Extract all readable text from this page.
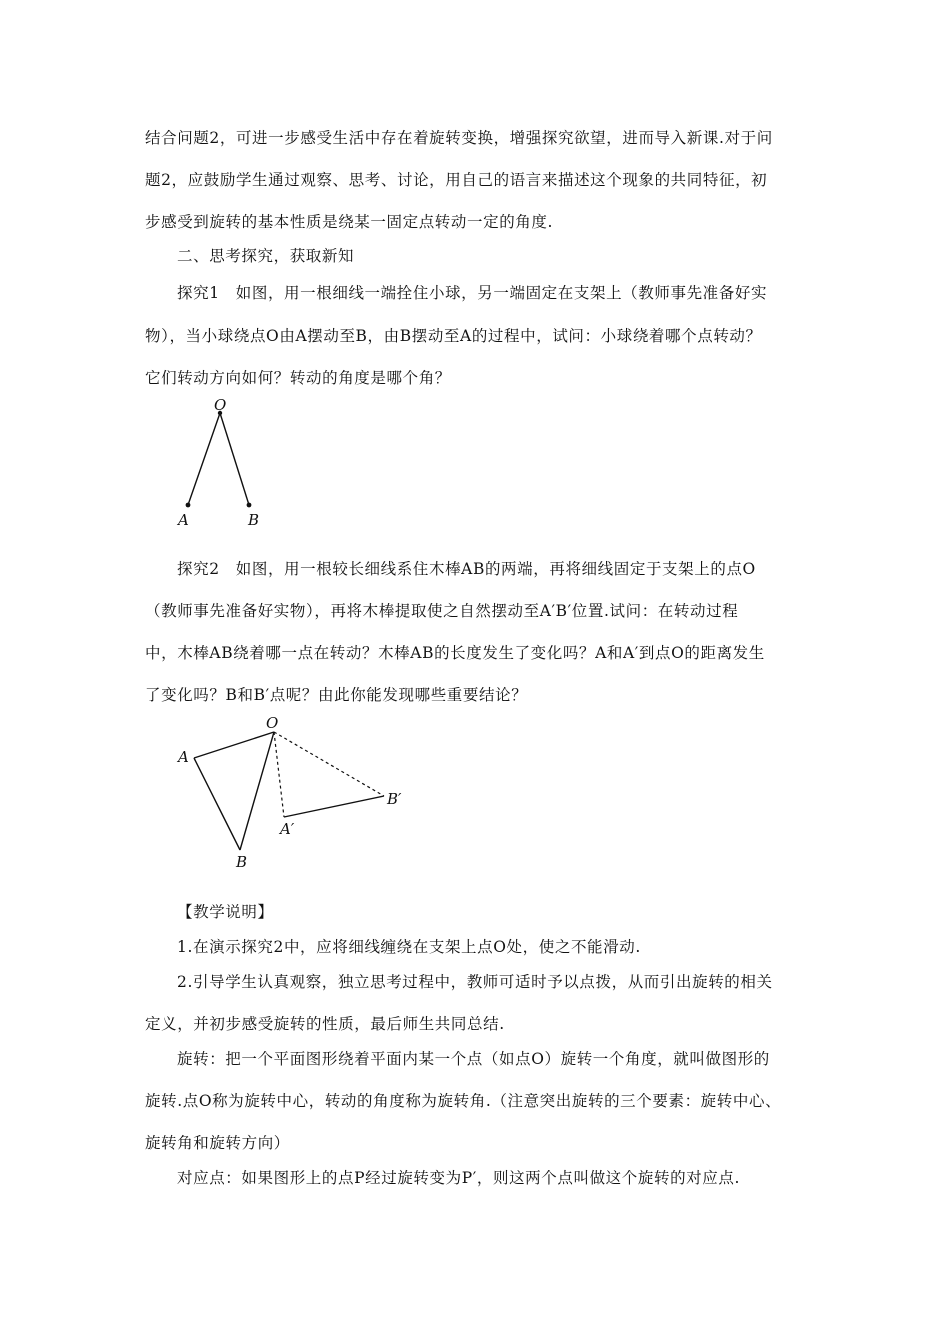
结合问题2，可进一步感受生活中存在着旋转变换，增强探究欲望，进而导入新课.对于问
题2，应鼓励学生通过观察、思考、讨论，用自己的语言来描述这个现象的共同特征，初
步感受到旋转的基本性质是绕某一固定点转动一定的角度.
二、思考探究，获取新知
探究1　如图，用一根细线一端拴住小球，另一端固定在支架上（教师事先准备好实
物），当小球绕点O由A摆动至B，由B摆动至A的过程中，试问：小球绕着哪个点转动？
它们转动方向如何？转动的角度是哪个角？
O
A	B
探究2　如图，用一根较长细线系住木棒AB的两端，再将细线固定于支架上的点O
（教师事先准备好实物），再将木棒提取使之自然摆动至A′B′位置.试问：在转动过程
中，木棒AB绕着哪一点在转动？木棒AB的长度发生了变化吗？A和A′到点O的距离发生
了变化吗？B和B′点呢？由此你能发现哪些重要结论？
O
A
B
A′
B′
【教学说明】
1.在演示探究2中，应将细线缠绕在支架上点O处，使之不能滑动.
2.引导学生认真观察，独立思考过程中，教师可适时予以点拨，从而引出旋转的相关
定义，并初步感受旋转的性质，最后师生共同总结.
旋转：把一个平面图形绕着平面内某一个点（如点O）旋转一个角度，就叫做图形的
旋转.点O称为旋转中心，转动的角度称为旋转角.（注意突出旋转的三个要素：旋转中心、
旋转角和旋转方向）
对应点：如果图形上的点P经过旋转变为P′，则这两个点叫做这个旋转的对应点.
